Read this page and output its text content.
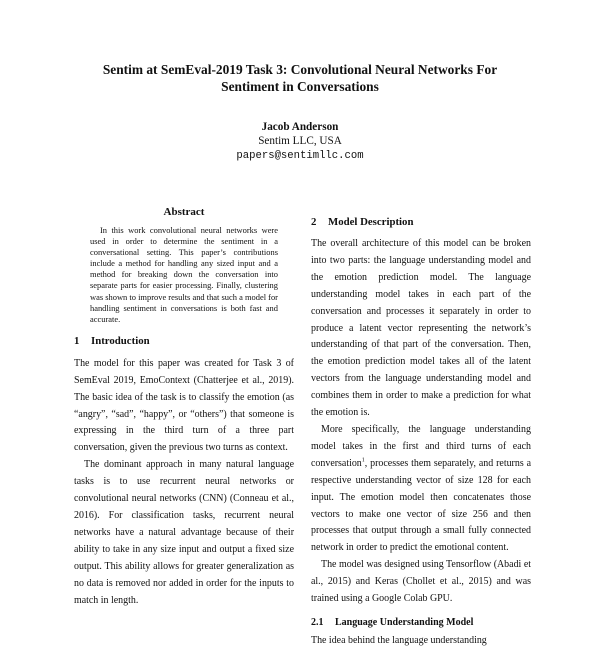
Sentim at SemEval-2019 Task 3: Convolutional Neural Networks For
Sentiment in Conversations
Jacob Anderson
Sentim LLC, USA
papers@sentimllc.com
Abstract

In this work convolutional neural networks were used in order to determine the sentiment in a conversational setting. This paper’s contributions include a method for handling any sized input and a method for breaking down the conversation into separate parts for easier processing. Finally, clustering was shown to improve results and that such a model for handling sentiment in conversations is both fast and accurate.

1 Introduction

The model for this paper was created for Task 3 of SemEval 2019, EmoContext (Chatterjee et al., 2019). The basic idea of the task is to classify the emotion (as “angry”, “sad”, “happy”, or “others”) that someone is expressing in the third turn of a three part conversation, given the previous two turns as context.

The dominant approach in many natural language tasks is to use recurrent neural networks or convolutional neural networks (CNN) (Conneau et al., 2016). For classification tasks, recurrent neural networks have a natural advantage because of their ability to take in any size input and output a fixed size output. This ability allows for greater generalization as no data is removed nor added in order for the inputs to match in length.

2 Model Description

The overall architecture of this model can be broken into two parts: the language understanding model and the emotion prediction model. The language understanding model takes in each part of the conversation and processes it separately in order to produce a latent vector representing the network’s understanding of that part of the conversation. Then, the emotion prediction model takes all of the latent vectors from the language understanding model and combines them in order to make a prediction for what the emotion is.

More specifically, the language understanding model takes in the first and third turns of each conversation$^1$, processes them separately, and returns a respective understanding vector of size 128 for each input. The emotion model then concatenates those vectors to make one vector of size 256 and then processes that output through a small fully connected network in order to predict the emotional content.

The model was designed using Tensorflow (Abadi et al., 2015) and Keras (Chollet et al., 2015) and was trained using a Google Colab GPU.

2.1 Language Understanding Model

The idea behind the language understanding
